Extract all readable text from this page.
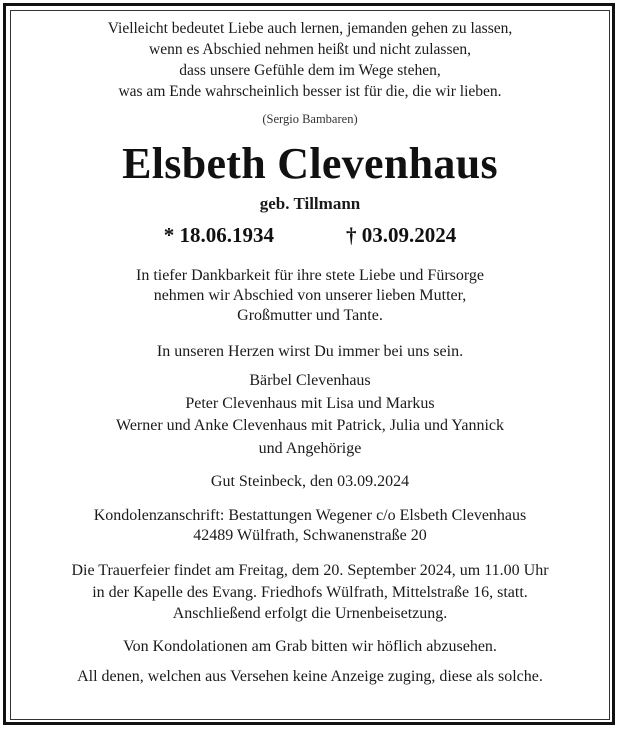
Vielleicht bedeutet Liebe auch lernen, jemanden gehen zu lassen,
wenn es Abschied nehmen heißt und nicht zulassen,
dass unsere Gefühle dem im Wege stehen,
was am Ende wahrscheinlich besser ist für die, die wir lieben.
(Sergio Bambaren)
Elsbeth Clevenhaus
geb. Tillmann
* 18.06.1934	† 03.09.2024
In tiefer Dankbarkeit für ihre stete Liebe und Fürsorge
nehmen wir Abschied von unserer lieben Mutter,
Großmutter und Tante.
In unseren Herzen wirst Du immer bei uns sein.
Bärbel Clevenhaus
Peter Clevenhaus mit Lisa und Markus
Werner und Anke Clevenhaus mit Patrick, Julia und Yannick
und Angehörige
Gut Steinbeck, den 03.09.2024
Kondolenzanschrift: Bestattungen Wegener c/o Elsbeth Clevenhaus
42489 Wülfrath, Schwanenstraße 20
Die Trauerfeier findet am Freitag, dem 20. September 2024, um 11.00 Uhr
in der Kapelle des Evang. Friedhofs Wülfrath, Mittelstraße 16, statt.
Anschließend erfolgt die Urnenbeisetzung.
Von Kondolationen am Grab bitten wir höflich abzusehen.
All denen, welchen aus Versehen keine Anzeige zuging, diese als solche.
